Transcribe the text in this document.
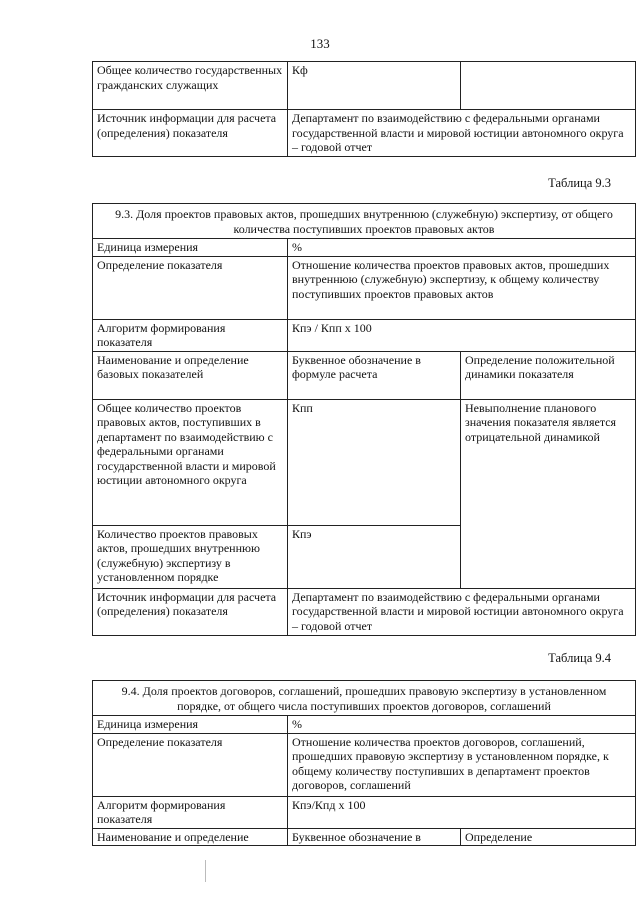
133
Общее количество государственных гражданских служащих	Кф	
Источник информации для расчета (определения) показателя	Департамент по взаимодействию с федеральными органами государственной власти и мировой юстиции автономного округа – годовой отчет	
Таблица 9.3
9.3. Доля проектов правовых актов, прошедших внутреннюю (служебную) экспертизу, от общего количества поступивших проектов правовых актов		
Единица измерения	%	
Определение показателя	Отношение количества проектов правовых актов, прошедших внутреннюю (служебную) экспертизу, к общему количеству поступивших проектов правовых актов	
Алгоритм формирования показателя	Кпэ / Кпп х 100	
Наименование и определение базовых показателей	Буквенное обозначение в формуле расчета	Определение положительной динамики показателя
Общее количество проектов правовых актов, поступивших в департамент по взаимодействию с федеральными органами государственной власти и мировой юстиции автономного округа	Кпп	Невыполнение планового значения показателя является отрицательной динамикой
Количество проектов правовых актов, прошедших внутреннюю (служебную) экспертизу в установленном порядке	Кпэ	
Источник информации для расчета (определения) показателя	Департамент по взаимодействию с федеральными органами государственной власти и мировой юстиции автономного округа – годовой отчет	
Таблица 9.4
9.4. Доля проектов договоров, соглашений, прошедших правовую экспертизу в установленном порядке, от общего числа поступивших проектов договоров, соглашений		
Единица измерения	%	
Определение показателя	Отношение количества проектов договоров, соглашений, прошедших правовую экспертизу в установленном порядке, к общему количеству поступивших в департамент проектов договоров, соглашений	
Алгоритм формирования показателя	Кпэ/Кпд х 100	
Наименование и определение	Буквенное обозначение в	Определение
